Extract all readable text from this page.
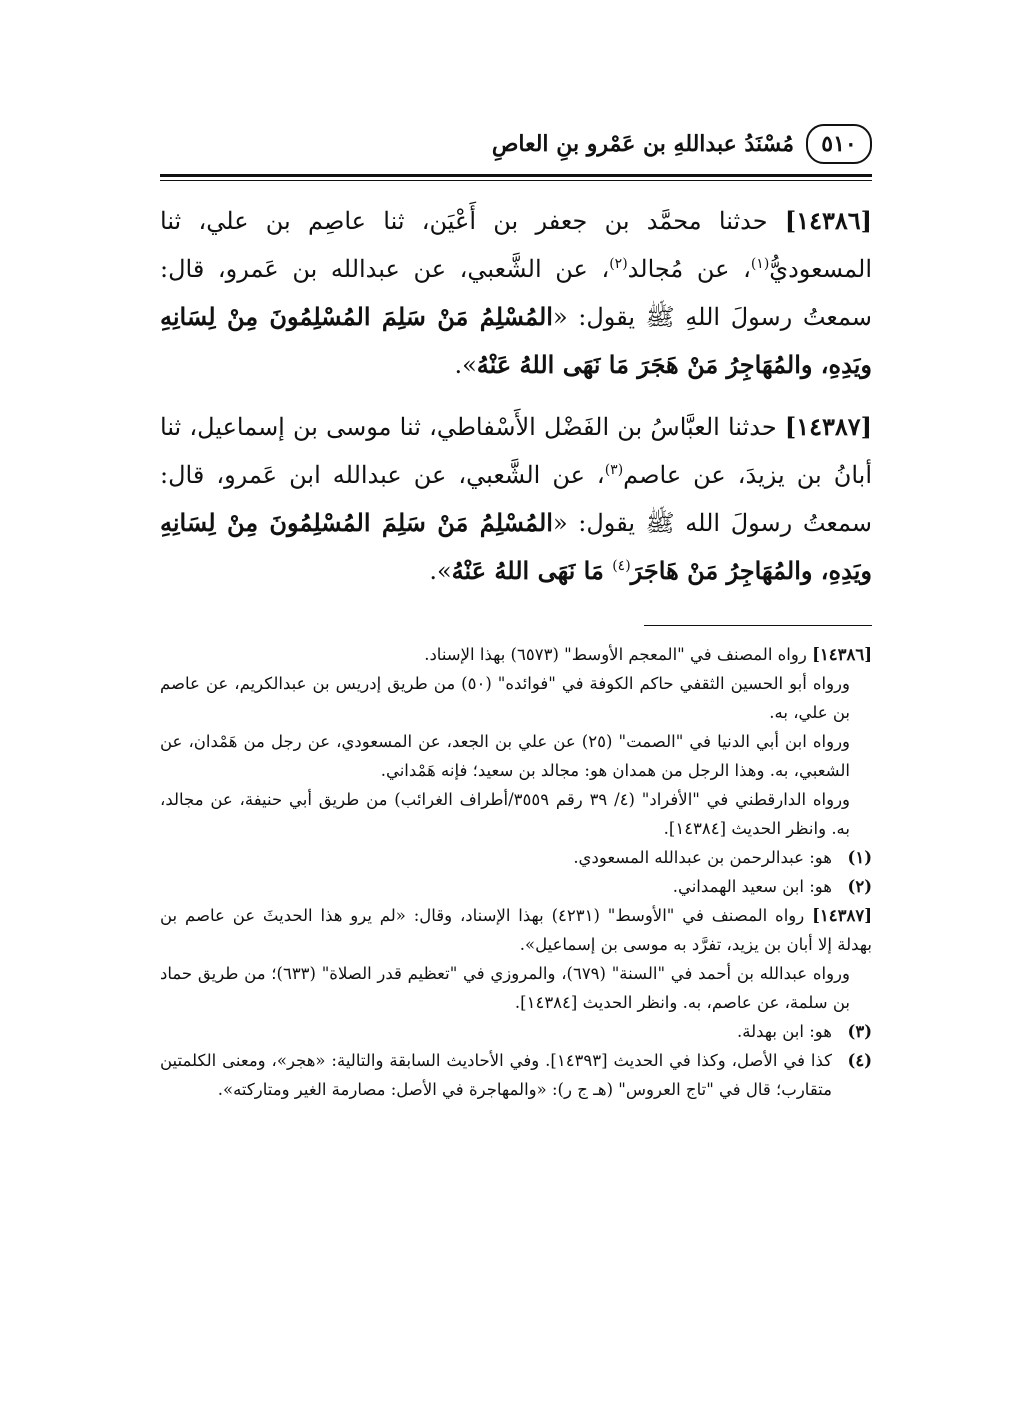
٥١٠
مُسْنَدُ عبداللهِ بن عَمْرو بنِ العاصِ

[١٤٣٨٦] حدثنا محمَّد بن جعفر بن أَعْيَن، ثنا عاصِم بن علي، ثنا المسعوديُّ$^{(١)}$، عن مُجالد$^{(٢)}$، عن الشَّعبي، عن عبدالله بن عَمرو، قال: سمعتُ رسولَ اللهِ ﷺ يقول: «المُسْلِمُ مَنْ سَلِمَ المُسْلِمُونَ مِنْ لِسَانِهِ ويَدِهِ، والمُهَاجِرُ مَنْ هَجَرَ مَا نَهَى اللهُ عَنْهُ».

[١٤٣٨٧] حدثنا العبَّاسُ بن الفَضْل الأَسْفاطي، ثنا موسى بن إسماعيل، ثنا أبانُ بن يزيدَ، عن عاصم$^{(٣)}$، عن الشَّعبي، عن عبدالله ابن عَمرو، قال: سمعتُ رسولَ الله ﷺ يقول: «المُسْلِمُ مَنْ سَلِمَ المُسْلِمُونَ مِنْ لِسَانِهِ ويَدِهِ، والمُهَاجِرُ مَنْ هَاجَرَ$^{(٤)}$ مَا نَهَى اللهُ عَنْهُ».

[١٤٣٨٦] رواه المصنف في "المعجم الأوسط" (٦٥٧٣) بهذا الإسناد.

ورواه أبو الحسين الثقفي حاكم الكوفة في "فوائده" (٥٠) من طريق إدريس بن عبدالكريم، عن عاصم بن علي، به.

ورواه ابن أبي الدنيا في "الصمت" (٢٥) عن علي بن الجعد، عن المسعودي، عن رجل من هَمْدان، عن الشعبي، به. وهذا الرجل من همدان هو: مجالد بن سعيد؛ فإنه هَمْداني.

ورواه الدارقطني في "الأفراد" (٤/ ٣٩ رقم ٣٥٥٩/أطراف الغرائب) من طريق أبي حنيفة، عن مجالد، به. وانظر الحديث [١٤٣٨٤].

(١)
هو: عبدالرحمن بن عبدالله المسعودي.

(٢)
هو: ابن سعيد الهمداني.

[١٤٣٨٧] رواه المصنف في "الأوسط" (٤٢٣١) بهذا الإسناد، وقال: «لم يرو هذا الحديثَ عن عاصم بن بهدلة إلا أبان بن يزيد، تفرَّد به موسى بن إسماعيل».

ورواه عبدالله بن أحمد في "السنة" (٦٧٩)، والمروزي في "تعظيم قدر الصلاة" (٦٣٣)؛ من طريق حماد بن سلمة، عن عاصم، به. وانظر الحديث [١٤٣٨٤].

(٣)
هو: ابن بهدلة.

(٤)
كذا في الأصل، وكذا في الحديث [١٤٣٩٣]. وفي الأحاديث السابقة والتالية: «هجر»، ومعنى الكلمتين متقارب؛ قال في "تاج العروس" (هـ ج ر): «والمهاجرة في الأصل: مصارمة الغير ومتاركته».
